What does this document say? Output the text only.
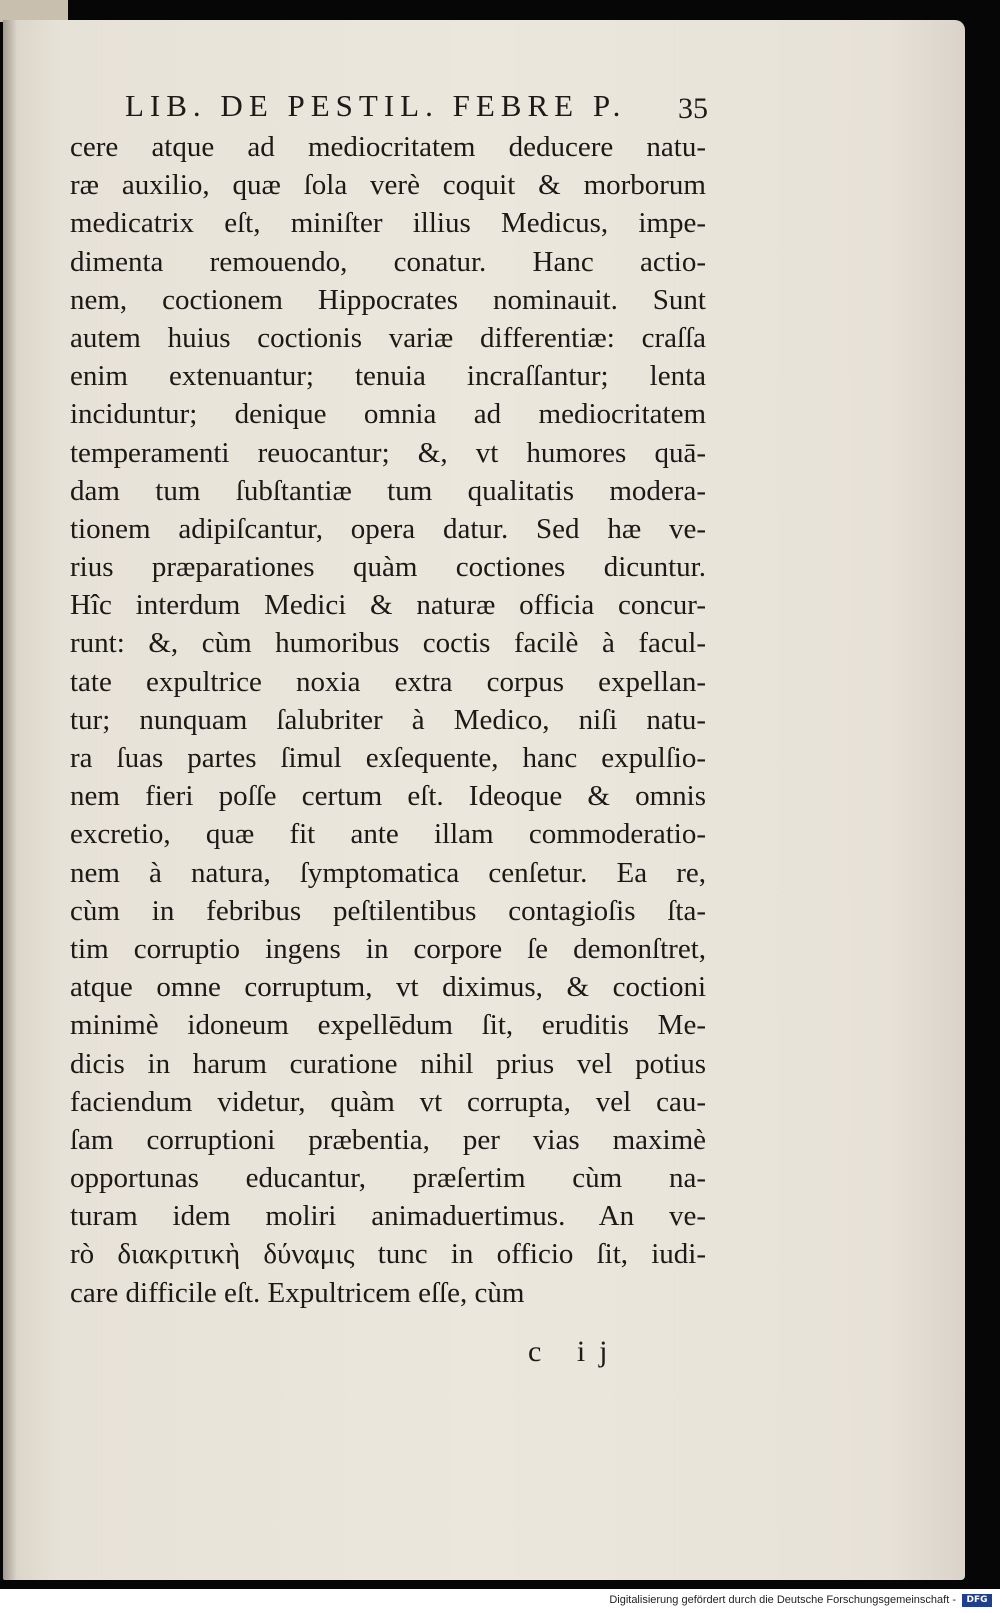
LIB. DE PESTIL. FEBRE P. 35
cere atque ad mediocritatem deducere natu-
ræ auxilio, quæ ſola verè coquit & morborum
medicatrix eſt, miniſter illius Medicus, impe-
dimenta remouendo, conatur. Hanc actio-
nem, coctionem Hippocrates nominauit. Sunt
autem huius coctionis variæ differentiæ: craſſa
enim extenuantur; tenuia incraſſantur; lenta
inciduntur; denique omnia ad mediocritatem
temperamenti reuocantur; &, vt humores quā-
dam tum ſubſtantiæ tum qualitatis modera-
tionem adipiſcantur, opera datur. Sed hæ ve-
rius præparationes quàm coctiones dicuntur.
Hîc interdum Medici & naturæ officia concur-
runt: &, cùm humoribus coctis facilè à facul-
tate expultrice noxia extra corpus expellan-
tur; nunquam ſalubriter à Medico, niſi natu-
ra ſuas partes ſimul exſequente, hanc expulſio-
nem fieri poſſe certum eſt. Ideoque & omnis
excretio, quæ fit ante illam commoderatio-
nem à natura, ſymptomatica cenſetur. Ea re,
cùm in febribus peſtilentibus contagioſis ſta-
tim corruptio ingens in corpore ſe demonſtret,
atque omne corruptum, vt diximus, & coctioni
minimè idoneum expellēdum ſit, eruditis Me-
dicis in harum curatione nihil prius vel potius
faciendum videtur, quàm vt corrupta, vel cau-
ſam corruptioni præbentia, per vias maximè
opportunas educantur, præſertim cùm na-
turam idem moliri animaduertimus. An ve-
rò διακριτικὴ δύναμις tunc in officio ſit, iudi-
care difficile eſt. Expultricem eſſe, cùm
c ij
Digitalisierung gefördert durch die Deutsche Forschungsgemeinschaft -	DFG
